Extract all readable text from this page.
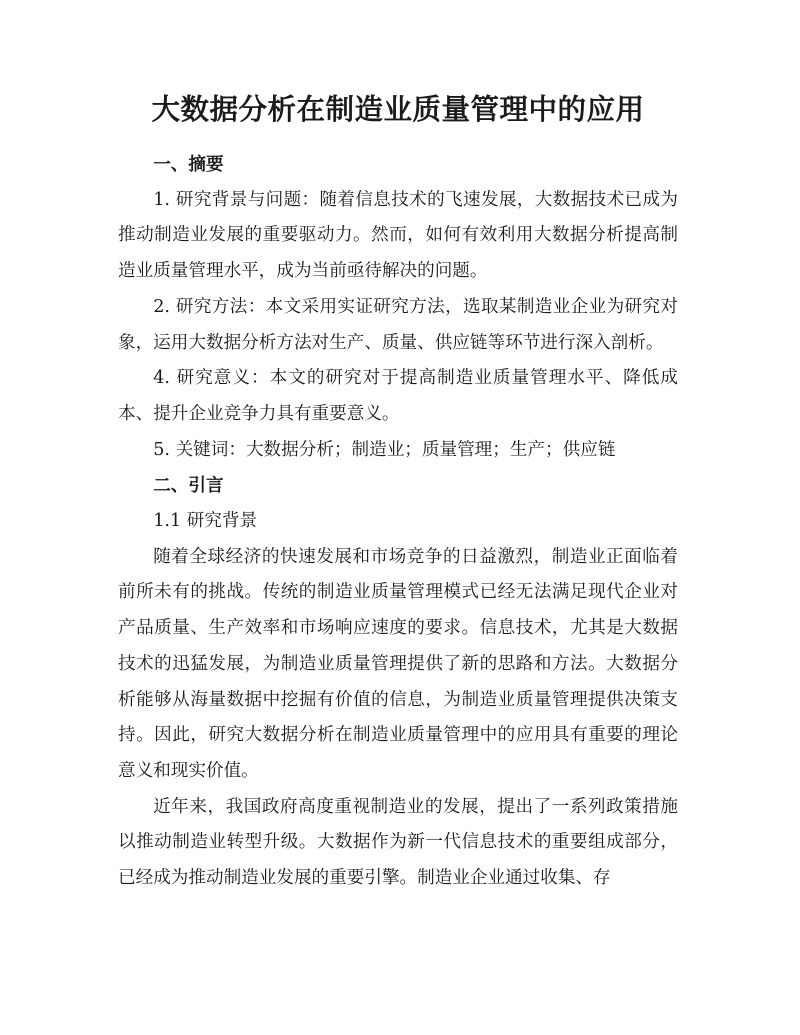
大数据分析在制造业质量管理中的应用
一、摘要

1. 研究背景与问题：随着信息技术的飞速发展，大数据技术已成为推动制造业发展的重要驱动力。然而，如何有效利用大数据分析提高制造业质量管理水平，成为当前亟待解决的问题。

2. 研究方法：本文采用实证研究方法，选取某制造业企业为研究对象，运用大数据分析方法对生产、质量、供应链等环节进行深入剖析。

4. 研究意义：本文的研究对于提高制造业质量管理水平、降低成本、提升企业竞争力具有重要意义。

5. 关键词：大数据分析；制造业；质量管理；生产；供应链

二、引言
1.1 研究背景

随着全球经济的快速发展和市场竞争的日益激烈，制造业正面临着前所未有的挑战。传统的制造业质量管理模式已经无法满足现代企业对产品质量、生产效率和市场响应速度的要求。信息技术，尤其是大数据技术的迅猛发展，为制造业质量管理提供了新的思路和方法。大数据分析能够从海量数据中挖掘有价值的信息，为制造业质量管理提供决策支持。因此，研究大数据分析在制造业质量管理中的应用具有重要的理论意义和现实价值。

近年来，我国政府高度重视制造业的发展，提出了一系列政策措施以推动制造业转型升级。大数据作为新一代信息技术的重要组成部分，已经成为推动制造业发展的重要引擎。制造业企业通过收集、存
